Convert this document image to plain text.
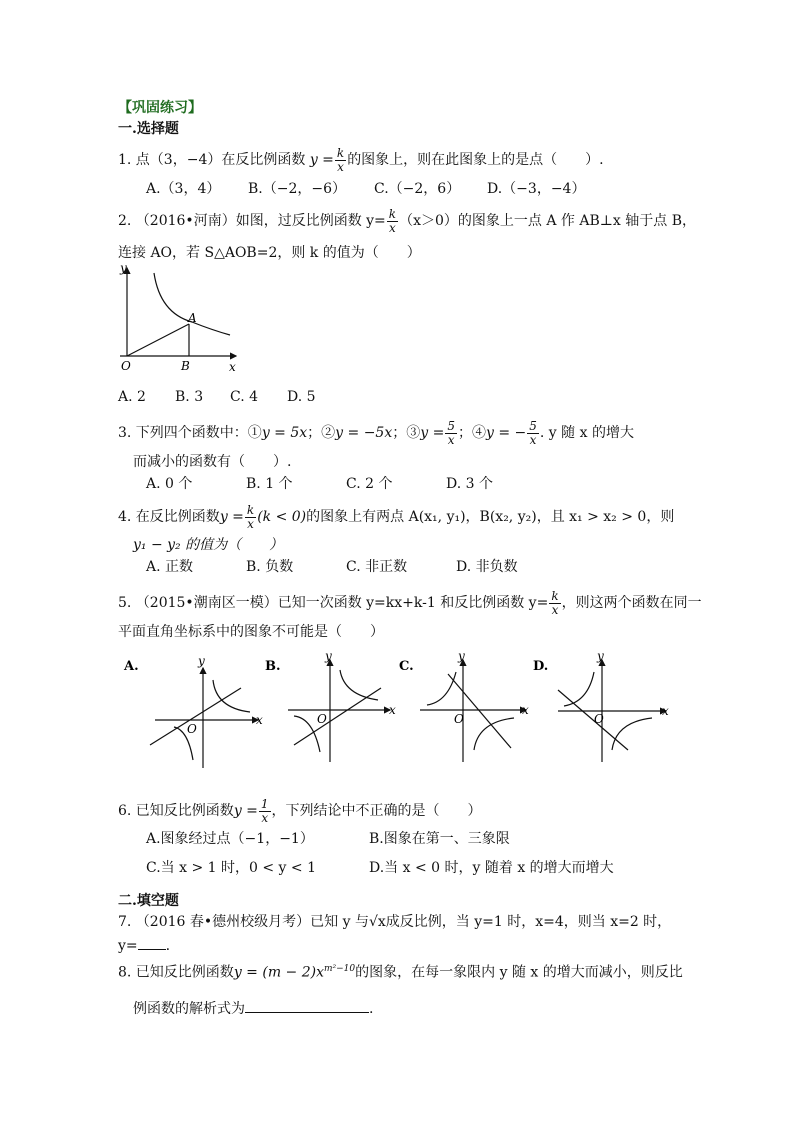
【巩固练习】
一.选择题
1. 点（3，−4）在反比例函数 $y = \frac{k}{x}$ 的图象上，则在此图象上的是点（　　）.
A.（3，4） B.（−2，−6） C.（−2，6） D.（−3，−4）
2. （2016•河南）如图，过反比例函数 $y= \frac{k}{x} (x>0)$的图象上一点 A 作 AB⊥x 轴于点 B，
连接 AO，若 S△AOB=2，则 k 的值为（　　）
y
x
O
A
B
A. 2 B. 3 C. 4 D. 5
3. 下列四个函数中：①y = 5x；②y = −5x；③y = $\frac{5}{x}$ ；④y = − $\frac{5}{x}$ . y 随 x 的增大
而减小的函数有（　　）.
A. 0 个	B. 1 个	C. 2 个	D. 3 个
4. 在反比例函数$y = \frac{k}{x} (k < 0)$的图象上有两点 A(x₁, y₁)，B(x₂, y₂)，且 x₁ > x₂ > 0，则
y₁ − y₂ 的值为（　　）
A. 正数	B. 负数	C. 非正数	D. 非负数
5. （2015•潮南区一模）已知一次函数 y=kx+k-1 和反比例函数 $y= \frac{k}{x}$ ，则这两个函数在同一
平面直角坐标系中的图象不可能是（　　）
A.	y
x
O
B.
y
x
O
C.
y
x
O
D.
y
x
O
6. 已知反比例函数$y = \frac{1}{x}$ ，下列结论中不正确的是（　　）
A.图象经过点（−1，−1）	B.图象在第一、三象限
C.当 x > 1 时，0 < y < 1	D.当 x < 0 时，y 随着 x 的增大而增大
二.填空题
7. （2016 春•德州校级月考）已知 y 与√x成反比例，当 y=1 时，x=4，则当 x=2 时，
y= .
8. 已知反比例函数$y = (m - 2)x^{m^2-10}$的图象，在每一象限内 y 随 x 的增大而减小，则反比
例函数的解析式为	.
